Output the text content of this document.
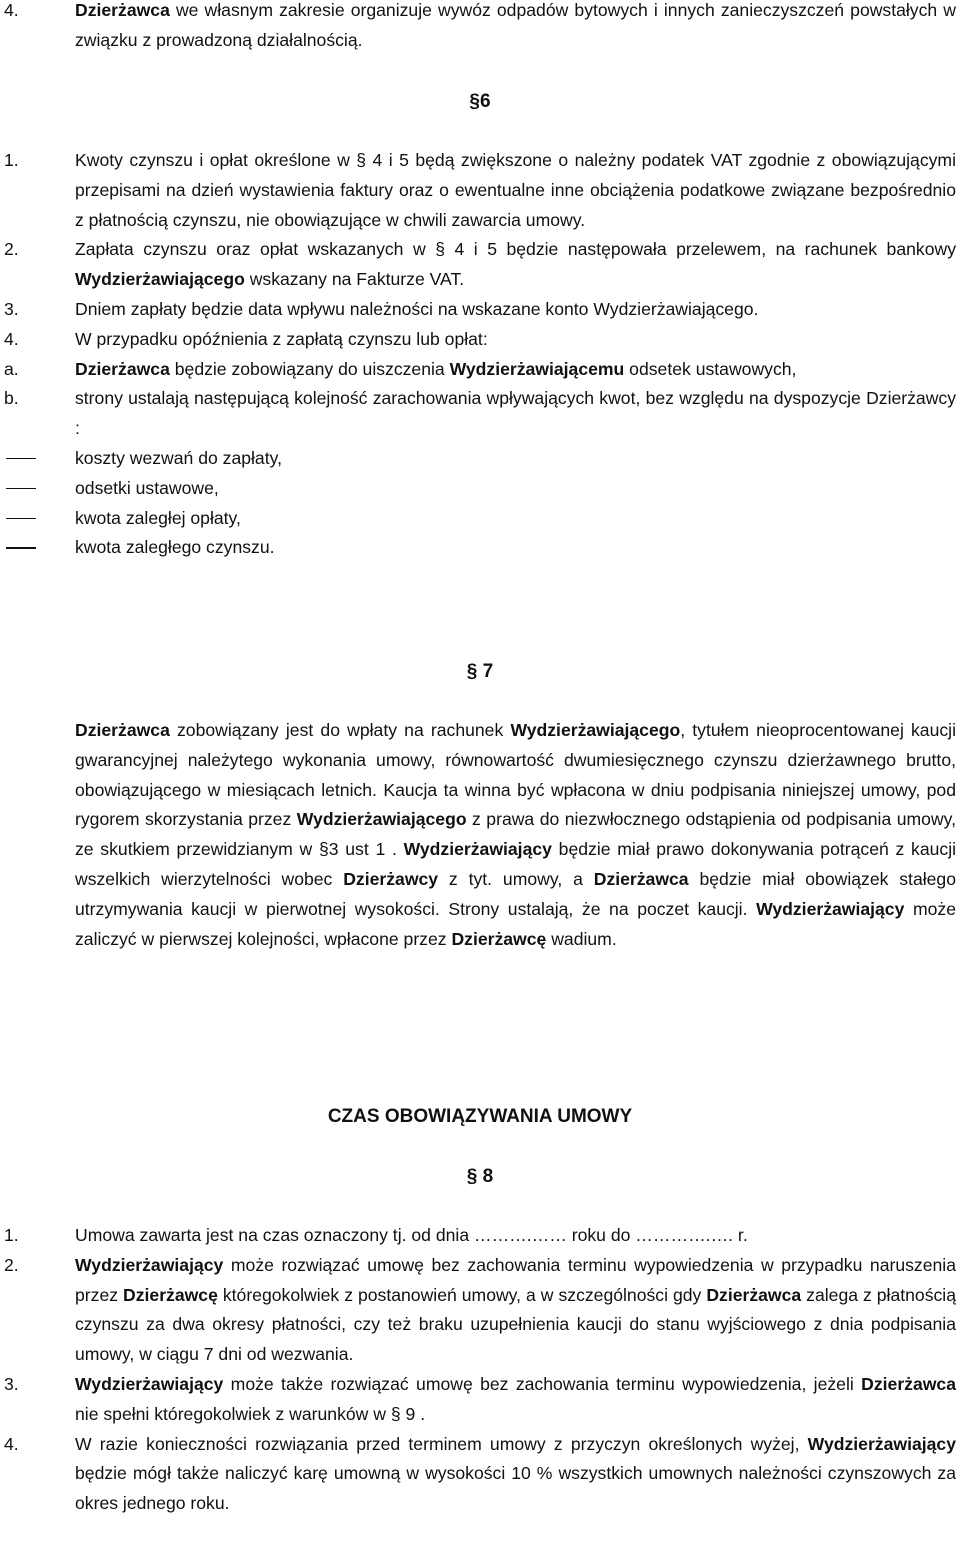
4.	Dzierżawca we własnym zakresie organizuje wywóz odpadów bytowych i innych zanieczyszczeń powstałych w związku z prowadzoną działalnością.
§6
1.	Kwoty czynszu i opłat określone w § 4 i 5 będą zwiększone o należny podatek VAT zgodnie z obowiązującymi przepisami na dzień wystawienia faktury oraz o ewentualne inne obciążenia podatkowe związane bezpośrednio z płatnością czynszu, nie obowiązujące w chwili zawarcia umowy.
2.	Zapłata czynszu oraz opłat wskazanych w § 4 i 5 będzie następowała przelewem, na rachunek bankowy Wydzierżawiającego wskazany na Fakturze VAT.
3.	Dniem zapłaty będzie data wpływu należności na wskazane konto Wydzierżawiającego.
4.	W przypadku opóźnienia z zapłatą czynszu lub opłat:
a.	Dzierżawca będzie zobowiązany do uiszczenia Wydzierżawiającemu odsetek ustawowych,
b.	strony ustalają następującą kolejność zarachowania wpływających kwot, bez względu na dyspozycje Dzierżawcy :
koszty wezwań do zapłaty,
odsetki ustawowe,
kwota zaległej opłaty,
kwota zaległego czynszu.
§ 7
Dzierżawca zobowiązany jest do wpłaty na rachunek Wydzierżawiającego, tytułem nieoprocentowanej kaucji gwarancyjnej należytego wykonania umowy, równowartość dwumiesięcznego czynszu dzierżawnego brutto, obowiązującego w miesiącach letnich. Kaucja ta winna być wpłacona w dniu podpisania niniejszej umowy, pod rygorem skorzystania przez Wydzierżawiającego z prawa do niezwłocznego odstąpienia od podpisania umowy, ze skutkiem przewidzianym w §3 ust 1 . Wydzierżawiający będzie miał prawo dokonywania potrąceń z kaucji wszelkich wierzytelności wobec Dzierżawcy z tyt. umowy, a Dzierżawca będzie miał obowiązek stałego utrzymywania kaucji w pierwotnej wysokości. Strony ustalają, że na poczet kaucji. Wydzierżawiający może zaliczyć w pierwszej kolejności, wpłacone przez Dzierżawcę wadium.
CZAS OBOWIĄZYWANIA UMOWY
§ 8
1.	Umowa zawarta jest na czas oznaczony tj. od dnia ……….…… roku do ………….…. r.
2.	Wydzierżawiający może rozwiązać umowę bez zachowania terminu wypowiedzenia w przypadku naruszenia przez Dzierżawcę któregokolwiek z postanowień umowy, a w szczególności gdy Dzierżawca zalega z płatnością czynszu za dwa okresy płatności, czy też braku uzupełnienia kaucji do stanu wyjściowego z dnia podpisania umowy, w ciągu 7 dni od wezwania.
3.	Wydzierżawiający może także rozwiązać umowę bez zachowania terminu wypowiedzenia, jeżeli Dzierżawca nie spełni któregokolwiek z warunków w § 9 .
4.	W razie konieczności rozwiązania przed terminem umowy z przyczyn określonych wyżej, Wydzierżawiający będzie mógł także naliczyć karę umowną w wysokości 10 % wszystkich umownych należności czynszowych za okres jednego roku.
